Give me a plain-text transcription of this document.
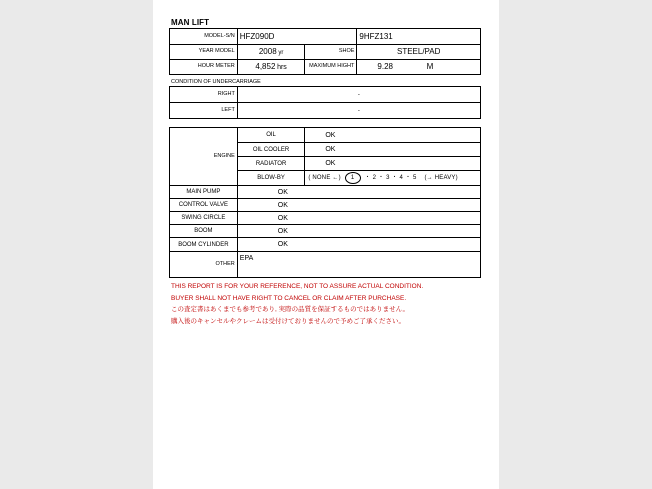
MAN LIFT
MODEL-S/N	HFZ090D		9HFZ131
YEAR MODEL	2008 yr	SHOE	STEEL/PAD
HOUR METER	4,852 hrs	MAXIMUM HIGHT	9.28 M
CONDITION OF UNDERCARRIAGE
RIGHT	-
LEFT	-
ENGINE	OIL	OK
	OIL COOLER	OK
	RADIATOR	OK
	BLOW-BY	( NONE ←) 1 ・ 2 ・ 3 ・ 4 ・ 5 (→ HEAVY)
MAIN PUMP	OK	
CONTROL VALVE	OK	
SWING CIRCLE	OK	
BOOM	OK	
BOOM CYLINDER	OK	
OTHER	EPA	
THIS REPORT IS FOR YOUR REFERENCE, NOT TO ASSURE ACTUAL CONDITION.
BUYER SHALL NOT HAVE RIGHT TO CANCEL OR CLAIM AFTER PURCHASE.
この査定書はあくまでも参考であり, 実際の品質を保証するものではありません。
購入後のキャンセルやクレームは受付けておりませんので予めご了承ください。
